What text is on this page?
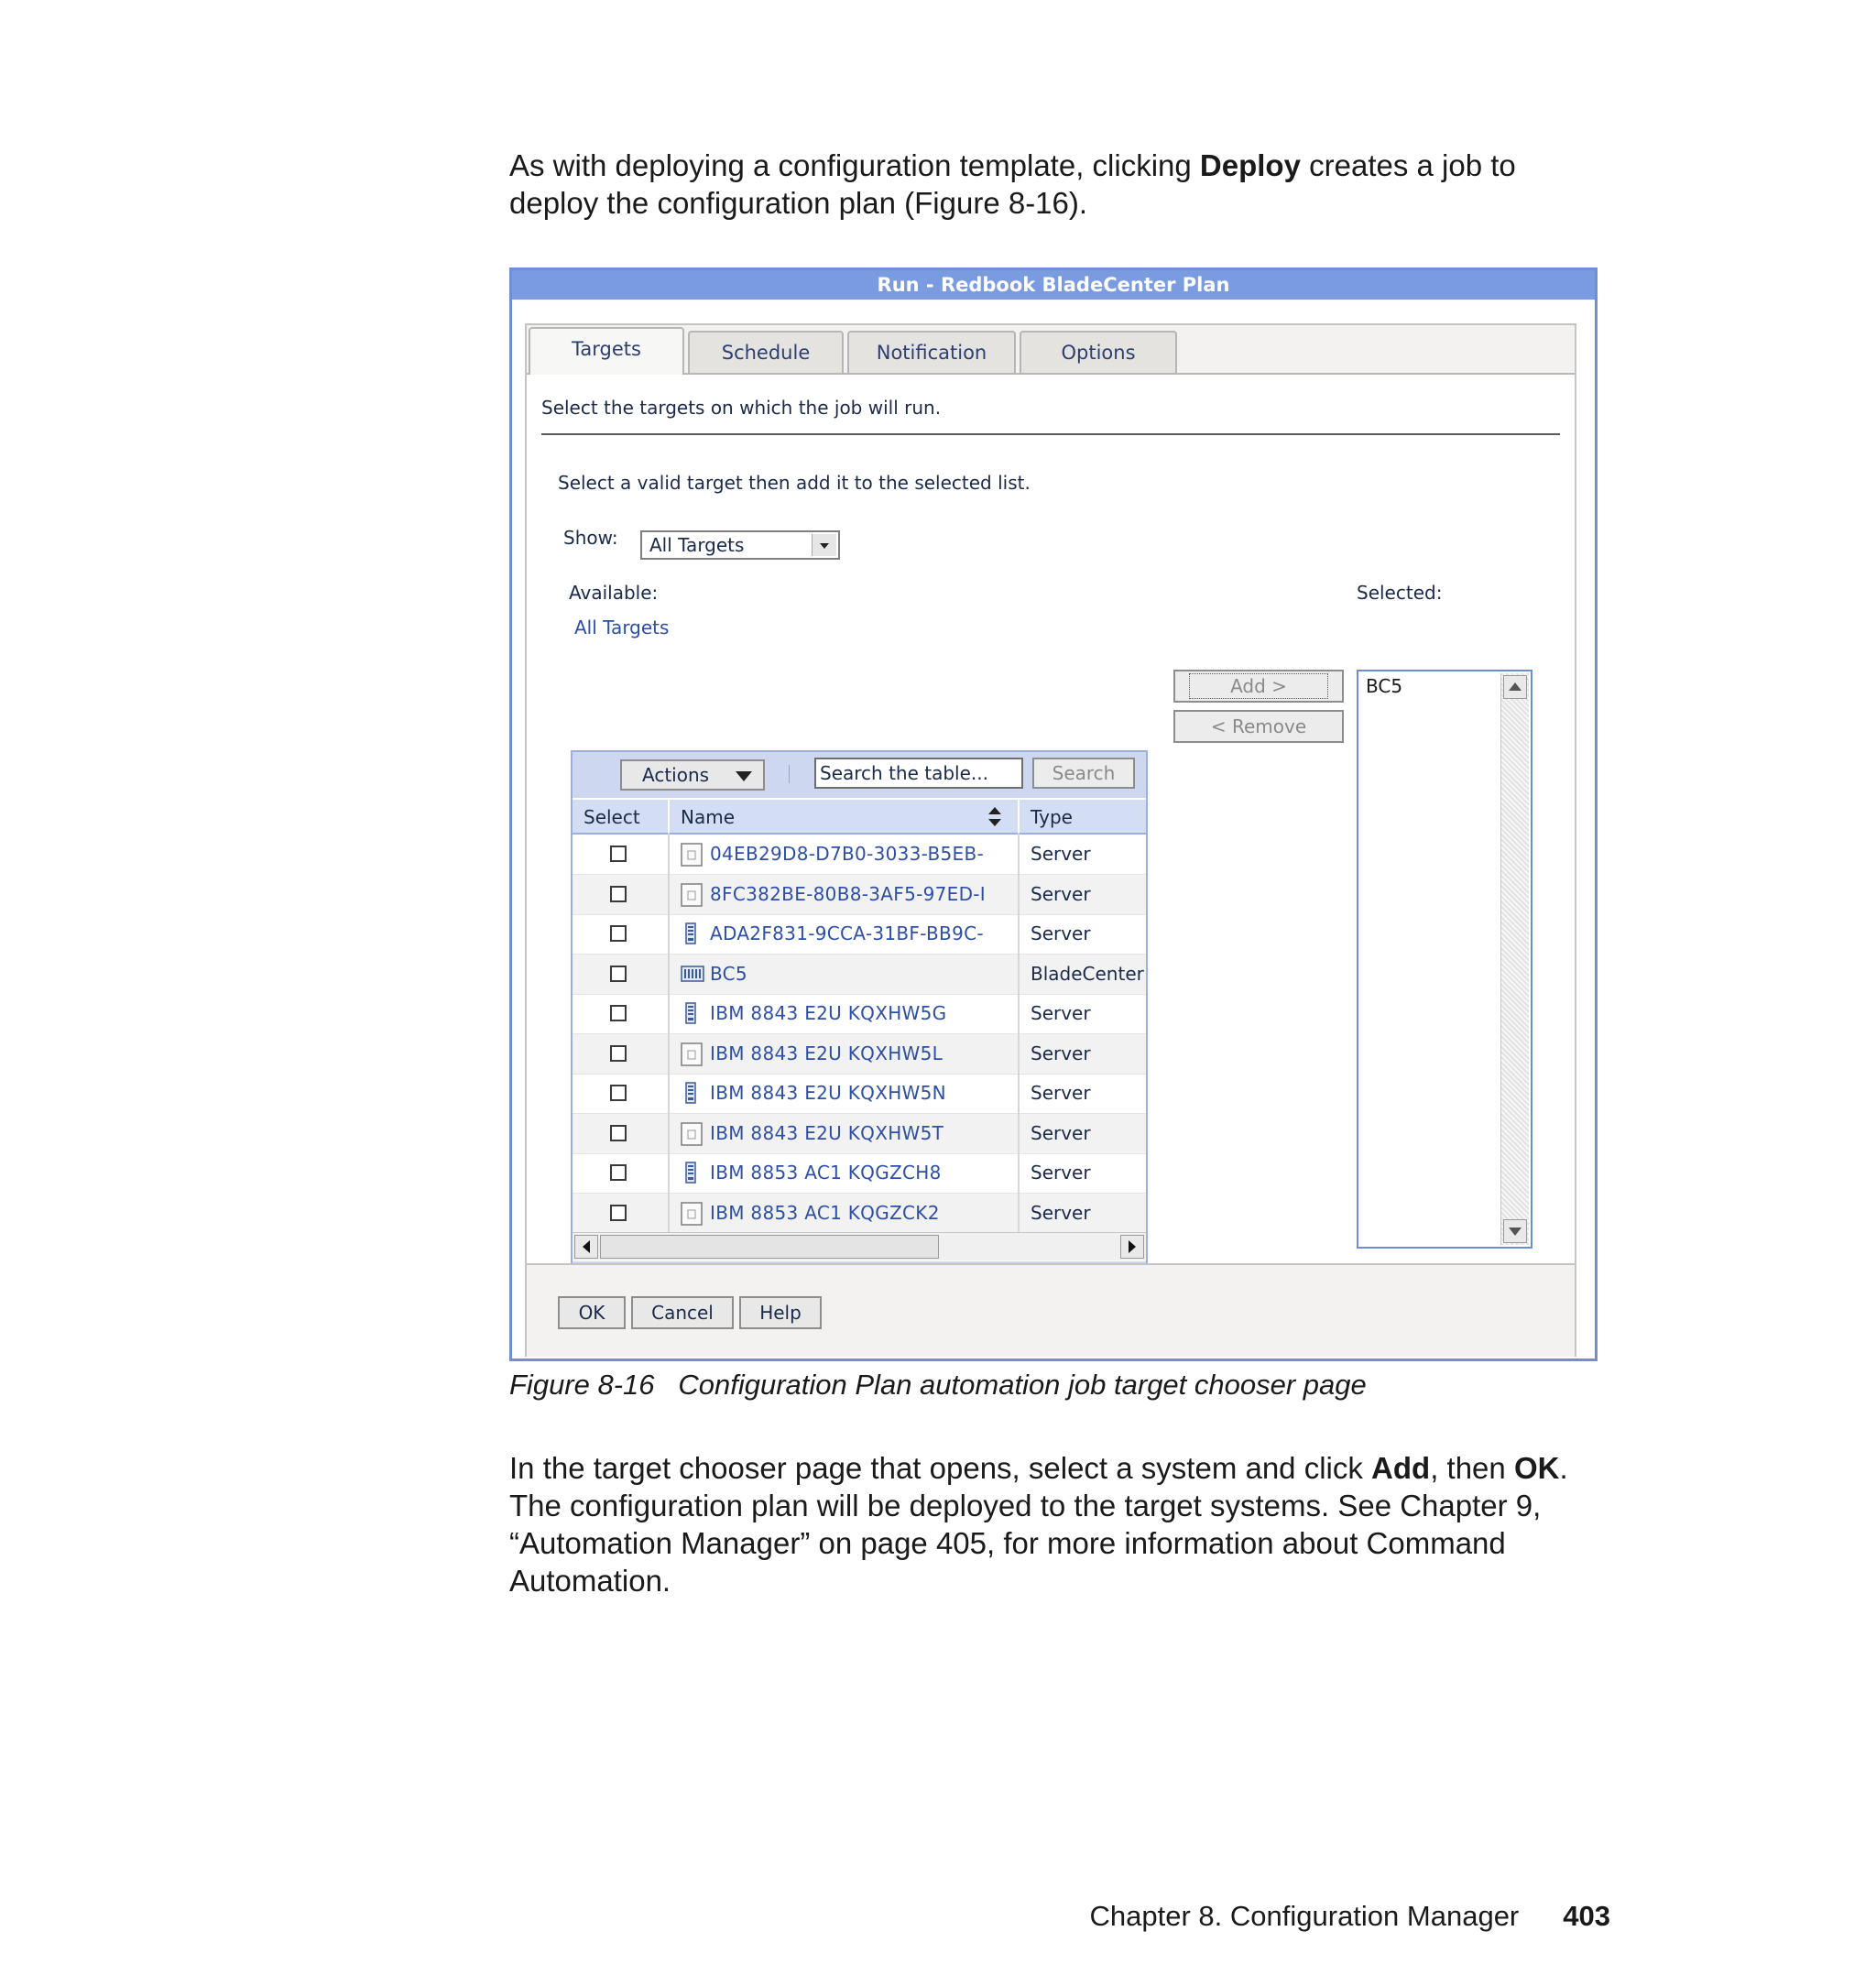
As with deploying a configuration template, clicking Deploy creates a job to deploy the configuration plan (Figure 8-16).
Run - Redbook BladeCenter Plan
Targets	Schedule	Notification	Options
Select the targets on which the job will run.
Select a valid target then add it to the selected list.
Show:	All Targets
Available:
All Targets
Selected:
Actions	Search the table...	Search
Select	Name	Type
04EB29D8-D7B0-3033-B5EB-	Server
8FC382BE-80B8-3AF5-97ED-I	Server
ADA2F831-9CCA-31BF-BB9C-	Server
BC5	BladeCenter
IBM 8843 E2U KQXHW5G	Server
IBM 8843 E2U KQXHW5L	Server
IBM 8843 E2U KQXHW5N	Server
IBM 8843 E2U KQXHW5T	Server
IBM 8853 AC1 KQGZCH8	Server
IBM 8853 AC1 KQGZCK2	Server
Add >
< Remove
BC5
OK	Cancel	Help
Figure 8-16 Configuration Plan automation job target chooser page
In the target chooser page that opens, select a system and click Add, then OK. The configuration plan will be deployed to the target systems. See Chapter 9, “Automation Manager” on page 405, for more information about Command Automation.
Chapter 8. Configuration Manager 403
